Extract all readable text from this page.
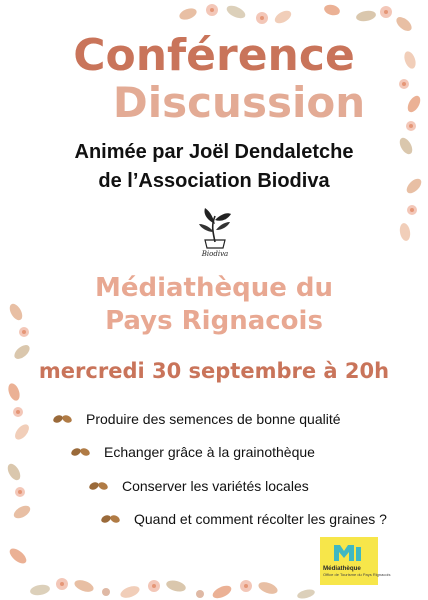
Conférence
Discussion
Animée par Joël Dendaletche
de l’Association Biodiva
Biodiva
Médiathèque du
Pays Rignacois
mercredi 30 septembre à 20h
Produire des semences de bonne qualité
Echanger grâce à la grainothèque
Conserver les variétés locales
Quand et comment récolter les graines ?
Médiathèque
Office de Tourisme du Pays Rignacois
